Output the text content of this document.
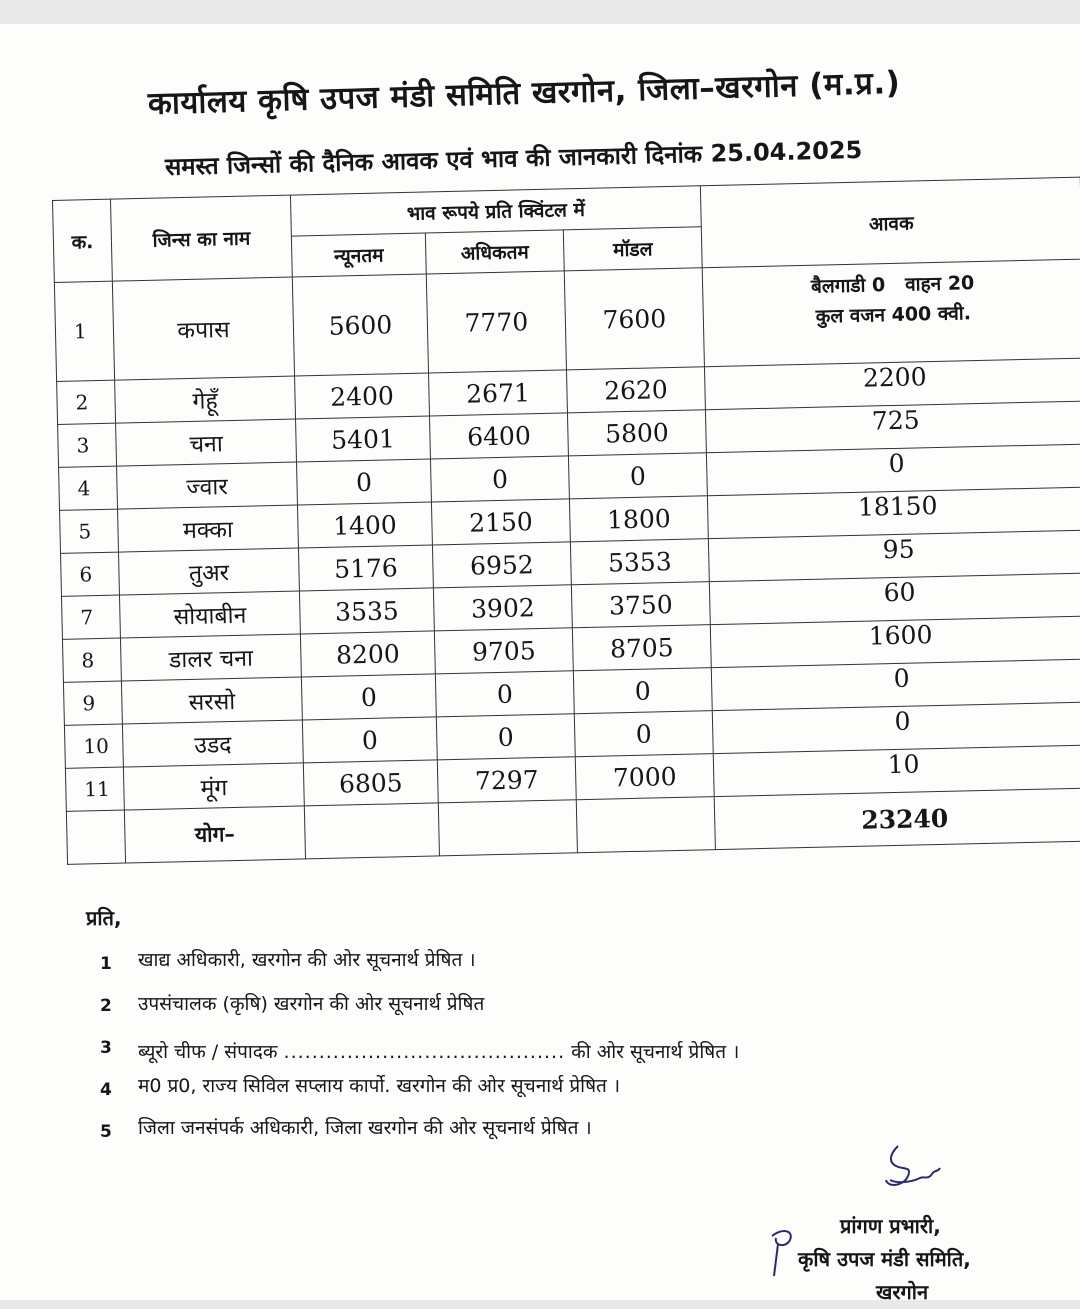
कार्यालय कृषि उपज मंडी समिति खरगोन, जिला–खरगोन (म.प्र.)
समस्त जिन्सों की दैनिक आवक एवं भाव की जानकारी दिनांक 25.04.2025
क.	जिन्स का नाम	भाव रूपये प्रति क्विंटल में			आवक
		न्यूनतम	अधिकतम	मॉडल	
1	कपास	5600	7770	7600	बैलगाडी 0   वाहन 20
कुल वजन 400 क्वी.

2	गेहूँ	2400	2671	2620	2200
3	चना	5401	6400	5800	725
4	ज्वार	0	0	0	0
5	मक्का	1400	2150	1800	18150
6	तुअर	5176	6952	5353	95
7	सोयाबीन	3535	3902	3750	60
8	डालर चना	8200	9705	8705	1600
9	सरसो	0	0	0	0
10	उडद	0	0	0	0
11	मूंग	6805	7297	7000	10
	योग–				23240
प्रति,
1 खाद्य अधिकारी, खरगोन की ओर सूचनार्थ प्रेषित ।
2 उपसंचालक (कृषि) खरगोन की ओर सूचनार्थ प्रेषित
3 ब्यूरो चीफ / संपादक ........................................ की ओर सूचनार्थ प्रेषित ।
4 म0 प्र0, राज्य सिविल सप्लाय कार्पो. खरगोन की ओर सूचनार्थ प्रेषित ।
5 जिला जनसंपर्क अधिकारी, जिला खरगोन की ओर सूचनार्थ प्रेषित ।
प्रांगण प्रभारी,
कृषि उपज मंडी समिति,
खरगोन
